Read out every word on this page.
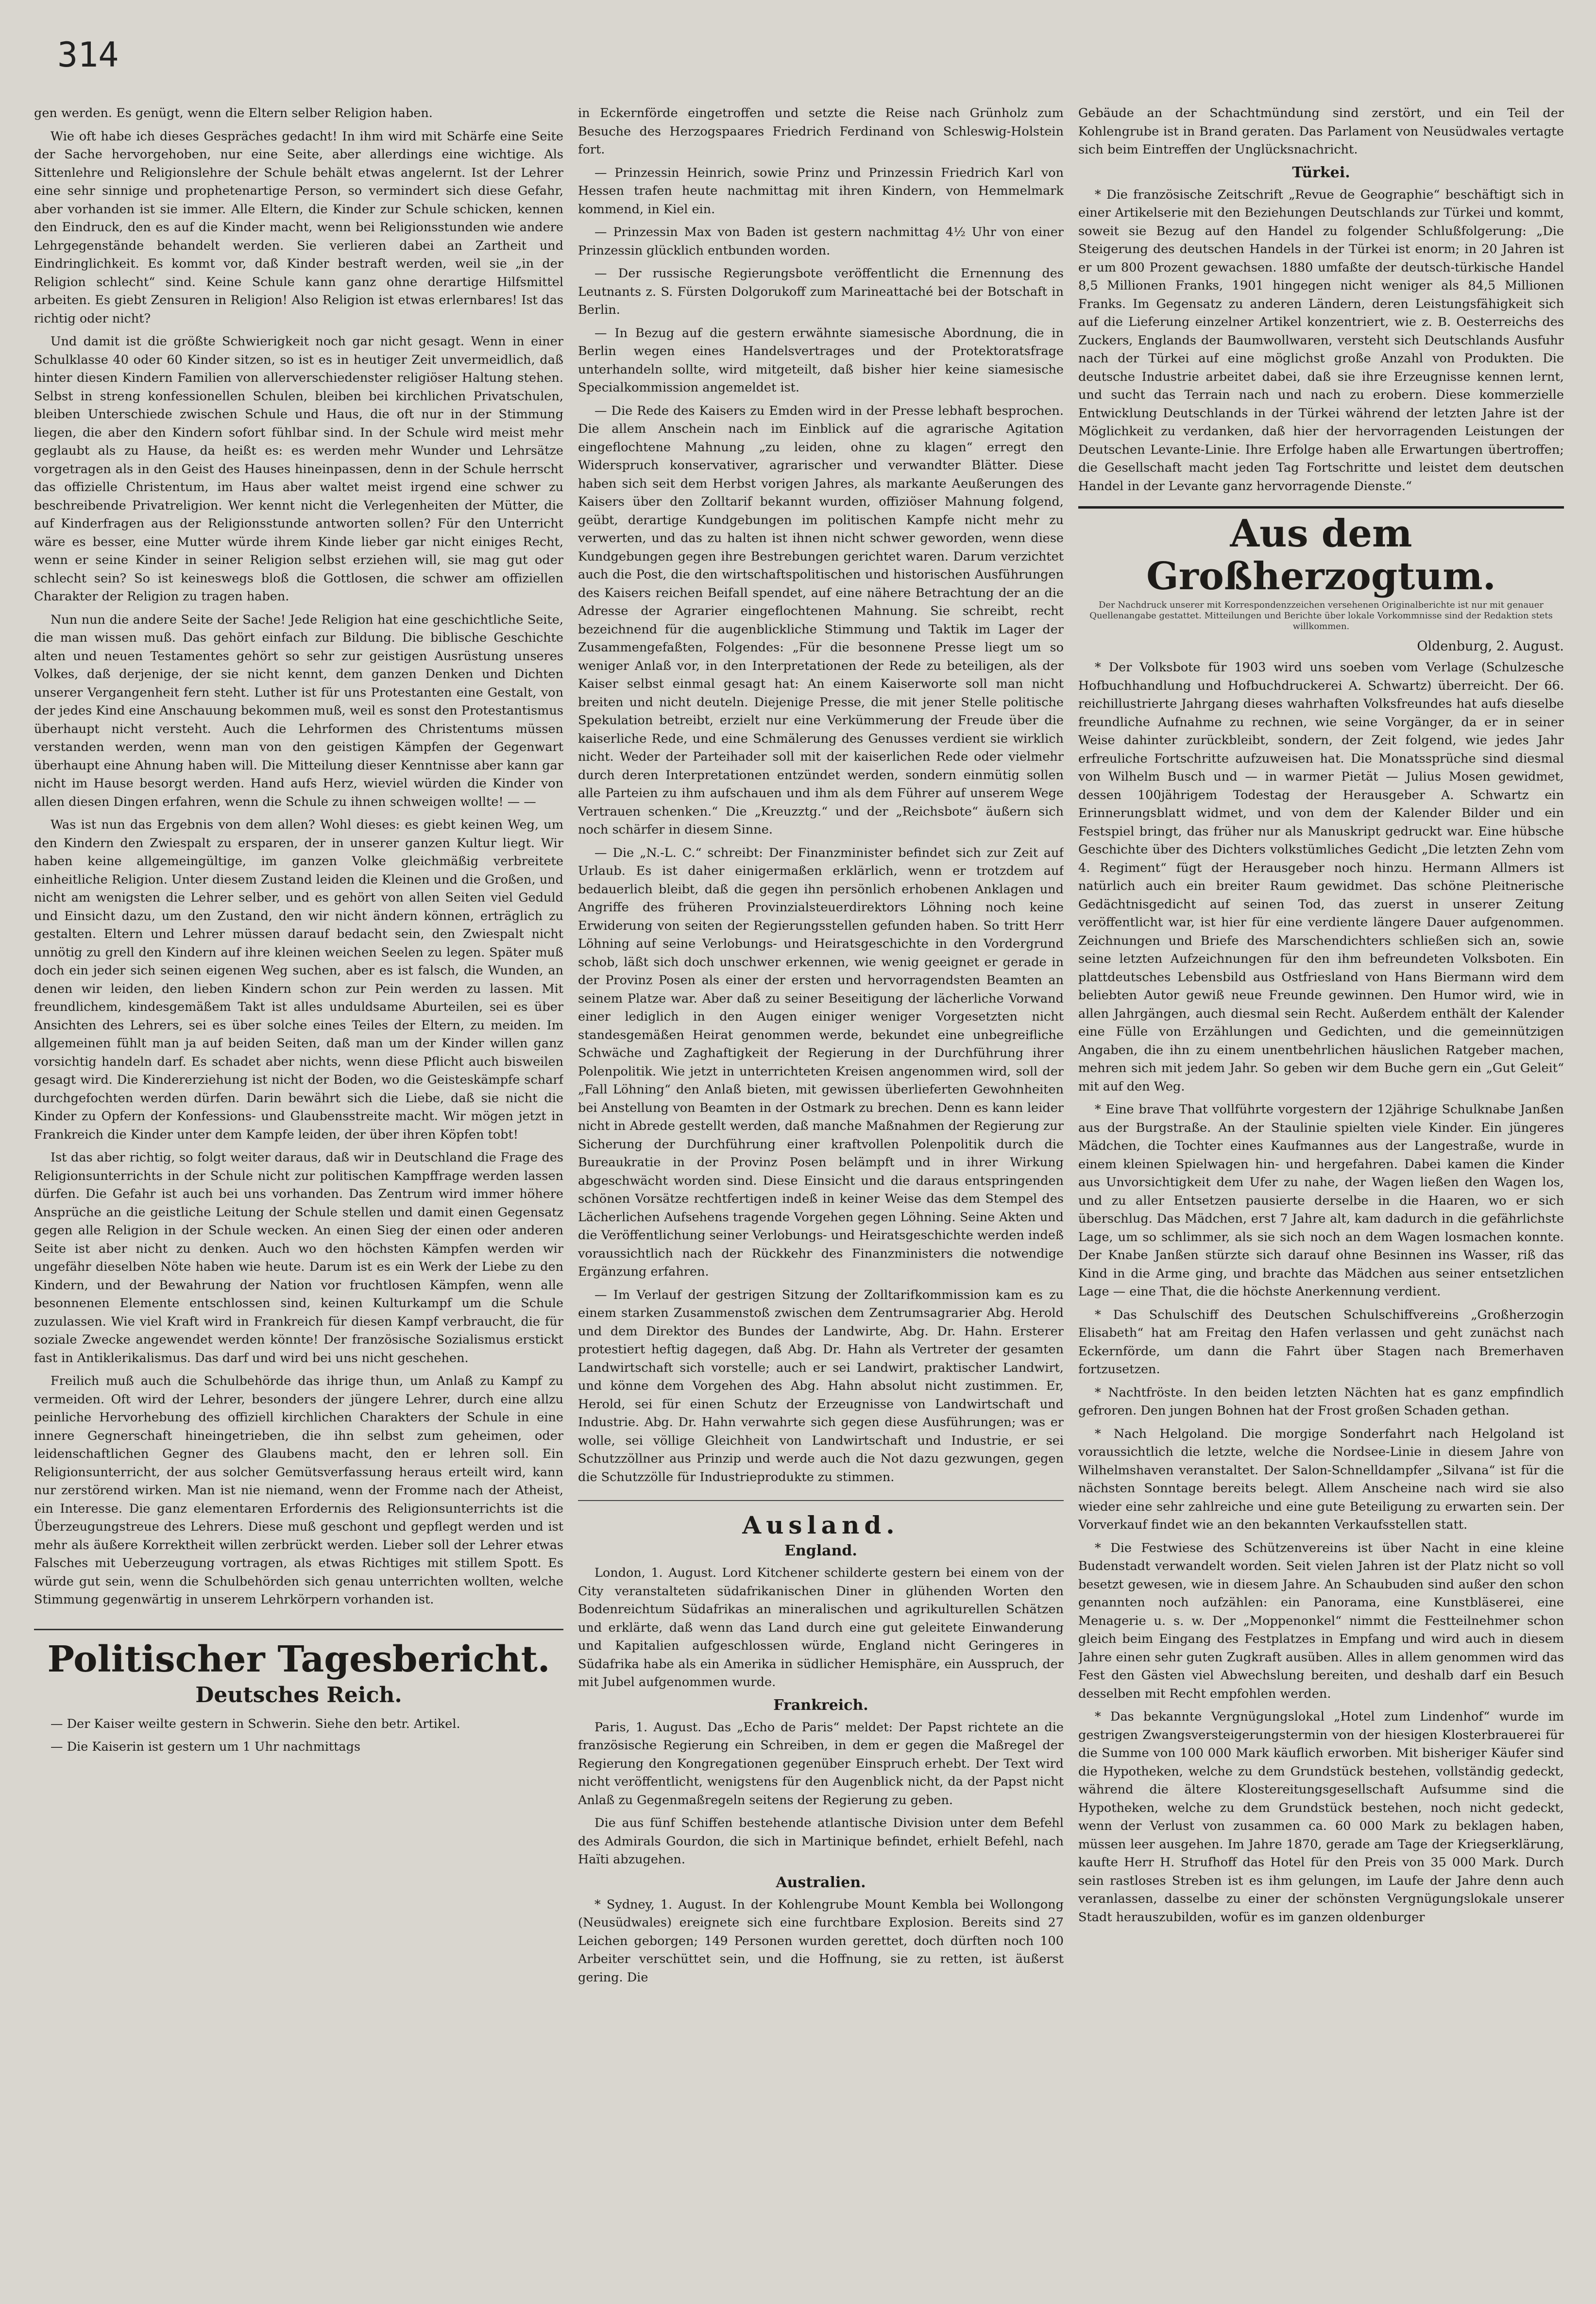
314

gen werden. Es genügt, wenn die Eltern selber Religion haben.

Wie oft habe ich dieses Gespräches gedacht! In ihm wird mit Schärfe eine Seite der Sache hervorgehoben, nur eine Seite, aber allerdings eine wichtige. Als Sittenlehre und Religionslehre der Schule behält etwas angelernt. Ist der Lehrer eine sehr sinnige und prophetenartige Person, so vermindert sich diese Gefahr, aber vorhanden ist sie immer. Alle Eltern, die Kinder zur Schule schicken, kennen den Eindruck, den es auf die Kinder macht, wenn bei Religionsstunden wie andere Lehrgegenstände behandelt werden. Sie verlieren dabei an Zartheit und Eindringlichkeit. Es kommt vor, daß Kinder bestraft werden, weil sie „in der Religion schlecht“ sind. Keine Schule kann ganz ohne derartige Hilfsmittel arbeiten. Es giebt Zensuren in Religion! Also Religion ist etwas erlernbares! Ist das richtig oder nicht?

Und damit ist die größte Schwierigkeit noch gar nicht gesagt. Wenn in einer Schulklasse 40 oder 60 Kinder sitzen, so ist es in heutiger Zeit unvermeidlich, daß hinter diesen Kindern Familien von allerverschiedenster religiöser Haltung stehen. Selbst in streng konfessionellen Schulen, bleiben bei kirchlichen Privatschulen, bleiben Unterschiede zwischen Schule und Haus, die oft nur in der Stimmung liegen, die aber den Kindern sofort fühlbar sind. In der Schule wird meist mehr geglaubt als zu Hause, da heißt es: es werden mehr Wunder und Lehrsätze vorgetragen als in den Geist des Hauses hineinpassen, denn in der Schule herrscht das offizielle Christentum, im Haus aber waltet meist irgend eine schwer zu beschreibende Privatreligion. Wer kennt nicht die Verlegenheiten der Mütter, die auf Kinderfragen aus der Religionsstunde antworten sollen? Für den Unterricht wäre es besser, eine Mutter würde ihrem Kinde lieber gar nicht einiges Recht, wenn er seine Kinder in seiner Religion selbst erziehen will, sie mag gut oder schlecht sein? So ist keineswegs bloß die Gottlosen, die schwer am offiziellen Charakter der Religion zu tragen haben.

Nun nun die andere Seite der Sache! Jede Religion hat eine geschichtliche Seite, die man wissen muß. Das gehört einfach zur Bildung. Die biblische Geschichte alten und neuen Testamentes gehört so sehr zur geistigen Ausrüstung unseres Volkes, daß derjenige, der sie nicht kennt, dem ganzen Denken und Dichten unserer Vergangenheit fern steht. Luther ist für uns Protestanten eine Gestalt, von der jedes Kind eine Anschauung bekommen muß, weil es sonst den Protestantismus überhaupt nicht versteht. Auch die Lehrformen des Christentums müssen verstanden werden, wenn man von den geistigen Kämpfen der Gegenwart überhaupt eine Ahnung haben will. Die Mitteilung dieser Kenntnisse aber kann gar nicht im Hause besorgt werden. Hand aufs Herz, wieviel würden die Kinder von allen diesen Dingen erfahren, wenn die Schule zu ihnen schweigen wollte! — —

Was ist nun das Ergebnis von dem allen? Wohl dieses: es giebt keinen Weg, um den Kindern den Zwiespalt zu ersparen, der in unserer ganzen Kultur liegt. Wir haben keine allgemeingültige, im ganzen Volke gleichmäßig verbreitete einheitliche Religion. Unter diesem Zustand leiden die Kleinen und die Großen, und nicht am wenigsten die Lehrer selber, und es gehört von allen Seiten viel Geduld und Einsicht dazu, um den Zustand, den wir nicht ändern können, erträglich zu gestalten. Eltern und Lehrer müssen darauf bedacht sein, den Zwiespalt nicht unnötig zu grell den Kindern auf ihre kleinen weichen Seelen zu legen. Später muß doch ein jeder sich seinen eigenen Weg suchen, aber es ist falsch, die Wunden, an denen wir leiden, den lieben Kindern schon zur Pein werden zu lassen. Mit freundlichem, kindesgemäßem Takt ist alles unduldsame Aburteilen, sei es über Ansichten des Lehrers, sei es über solche eines Teiles der Eltern, zu meiden. Im allgemeinen fühlt man ja auf beiden Seiten, daß man um der Kinder willen ganz vorsichtig handeln darf. Es schadet aber nichts, wenn diese Pflicht auch bisweilen gesagt wird. Die Kindererziehung ist nicht der Boden, wo die Geisteskämpfe scharf durchgefochten werden dürfen. Darin bewährt sich die Liebe, daß sie nicht die Kinder zu Opfern der Konfessions- und Glaubensstreite macht. Wir mögen jetzt in Frankreich die Kinder unter dem Kampfe leiden, der über ihren Köpfen tobt!

Ist das aber richtig, so folgt weiter daraus, daß wir in Deutschland die Frage des Religionsunterrichts in der Schule nicht zur politischen Kampffrage werden lassen dürfen. Die Gefahr ist auch bei uns vorhanden. Das Zentrum wird immer höhere Ansprüche an die geistliche Leitung der Schule stellen und damit einen Gegensatz gegen alle Religion in der Schule wecken. An einen Sieg der einen oder anderen Seite ist aber nicht zu denken. Auch wo den höchsten Kämpfen werden wir ungefähr dieselben Nöte haben wie heute. Darum ist es ein Werk der Liebe zu den Kindern, und der Bewahrung der Nation vor fruchtlosen Kämpfen, wenn alle besonnenen Elemente entschlossen sind, keinen Kulturkampf um die Schule zuzulassen. Wie viel Kraft wird in Frankreich für diesen Kampf verbraucht, die für soziale Zwecke angewendet werden könnte! Der französische Sozialismus erstickt fast in Antiklerikalismus. Das darf und wird bei uns nicht geschehen.

Freilich muß auch die Schulbehörde das ihrige thun, um Anlaß zu Kampf zu vermeiden. Oft wird der Lehrer, besonders der jüngere Lehrer, durch eine allzu peinliche Hervorhebung des offiziell kirchlichen Charakters der Schule in eine innere Gegnerschaft hineingetrieben, die ihn selbst zum geheimen, oder leidenschaftlichen Gegner des Glaubens macht, den er lehren soll. Ein Religionsunterricht, der aus solcher Gemütsverfassung heraus erteilt wird, kann nur zerstörend wirken. Man ist nie niemand, wenn der Fromme nach der Atheist, ein Interesse. Die ganz elementaren Erfordernis des Religionsunterrichts ist die Überzeugungstreue des Lehrers. Diese muß geschont und gepflegt werden und ist mehr als äußere Korrektheit willen zerbrückt werden. Lieber soll der Lehrer etwas Falsches mit Ueberzeugung vortragen, als etwas Richtiges mit stillem Spott. Es würde gut sein, wenn die Schulbehörden sich genau unterrichten wollten, welche Stimmung gegenwärtig in unserem Lehrkörpern vorhanden ist.

Politischer Tagesbericht.
Deutsches Reich.

— Der Kaiser weilte gestern in Schwerin. Siehe den betr. Artikel.

— Die Kaiserin ist gestern um 1 Uhr nachmittags

in Eckernförde eingetroffen und setzte die Reise nach Grünholz zum Besuche des Herzogspaares Friedrich Ferdinand von Schleswig-Holstein fort.

— Prinzessin Heinrich, sowie Prinz und Prinzessin Friedrich Karl von Hessen trafen heute nachmittag mit ihren Kindern, von Hemmelmark kommend, in Kiel ein.

— Prinzessin Max von Baden ist gestern nachmittag 4½ Uhr von einer Prinzessin glücklich entbunden worden.

— Der russische Regierungsbote veröffentlicht die Ernennung des Leutnants z. S. Fürsten Dolgorukoff zum Marineattaché bei der Botschaft in Berlin.

— In Bezug auf die gestern erwähnte siamesische Abordnung, die in Berlin wegen eines Handelsvertrages und der Protektoratsfrage unterhandeln sollte, wird mitgeteilt, daß bisher hier keine siamesische Specialkommission angemeldet ist.

— Die Rede des Kaisers zu Emden wird in der Presse lebhaft besprochen. Die allem Anschein nach im Einblick auf die agrarische Agitation eingeflochtene Mahnung „zu leiden, ohne zu klagen“ erregt den Widerspruch konservativer, agrarischer und verwandter Blätter. Diese haben sich seit dem Herbst vorigen Jahres, als markante Aeußerungen des Kaisers über den Zolltarif bekannt wurden, offiziöser Mahnung folgend, geübt, derartige Kundgebungen im politischen Kampfe nicht mehr zu verwerten, und das zu halten ist ihnen nicht schwer geworden, wenn diese Kundgebungen gegen ihre Bestrebungen gerichtet waren. Darum verzichtet auch die Post, die den wirtschaftspolitischen und historischen Ausführungen des Kaisers reichen Beifall spendet, auf eine nähere Betrachtung der an die Adresse der Agrarier eingeflochtenen Mahnung. Sie schreibt, recht bezeichnend für die augenblickliche Stimmung und Taktik im Lager der Zusammengefaßten, Folgendes: „Für die besonnene Presse liegt um so weniger Anlaß vor, in den Interpretationen der Rede zu beteiligen, als der Kaiser selbst einmal gesagt hat: An einem Kaiserworte soll man nicht breiten und nicht deuteln. Diejenige Presse, die mit jener Stelle politische Spekulation betreibt, erzielt nur eine Verkümmerung der Freude über die kaiserliche Rede, und eine Schmälerung des Genusses verdient sie wirklich nicht. Weder der Parteihader soll mit der kaiserlichen Rede oder vielmehr durch deren Interpretationen entzündet werden, sondern einmütig sollen alle Parteien zu ihm aufschauen und ihm als dem Führer auf unserem Wege Vertrauen schenken.“ Die „Kreuzztg.“ und der „Reichsbote“ äußern sich noch schärfer in diesem Sinne.

— Die „N.-L. C.“ schreibt: Der Finanzminister befindet sich zur Zeit auf Urlaub. Es ist daher einigermaßen erklärlich, wenn er trotzdem auf bedauerlich bleibt, daß die gegen ihn persönlich erhobenen Anklagen und Angriffe des früheren Provinzialsteuerdirektors Löhning noch keine Erwiderung von seiten der Regierungsstellen gefunden haben. So tritt Herr Löhning auf seine Verlobungs- und Heiratsgeschichte in den Vordergrund schob, läßt sich doch unschwer erkennen, wie wenig geeignet er gerade in der Provinz Posen als einer der ersten und hervorragendsten Beamten an seinem Platze war. Aber daß zu seiner Beseitigung der lächerliche Vorwand einer lediglich in den Augen einiger weniger Vorgesetzten nicht standesgemäßen Heirat genommen werde, bekundet eine unbegreifliche Schwäche und Zaghaftigkeit der Regierung in der Durchführung ihrer Polenpolitik. Wie jetzt in unterrichteten Kreisen angenommen wird, soll der „Fall Löhning“ den Anlaß bieten, mit gewissen überlieferten Gewohnheiten bei Anstellung von Beamten in der Ostmark zu brechen. Denn es kann leider nicht in Abrede gestellt werden, daß manche Maßnahmen der Regierung zur Sicherung der Durchführung einer kraftvollen Polenpolitik durch die Bureaukratie in der Provinz Posen belämpft und in ihrer Wirkung abgeschwächt worden sind. Diese Einsicht und die daraus entspringenden schönen Vorsätze rechtfertigen indeß in keiner Weise das dem Stempel des Lächerlichen Aufsehens tragende Vorgehen gegen Löhning. Seine Akten und die Veröffentlichung seiner Verlobungs- und Heiratsgeschichte werden indeß voraussichtlich nach der Rückkehr des Finanzministers die notwendige Ergänzung erfahren.

— Im Verlauf der gestrigen Sitzung der Zolltarifkommission kam es zu einem starken Zusammenstoß zwischen dem Zentrumsagrarier Abg. Herold und dem Direktor des Bundes der Landwirte, Abg. Dr. Hahn. Ersterer protestiert heftig dagegen, daß Abg. Dr. Hahn als Vertreter der gesamten Landwirtschaft sich vorstelle; auch er sei Landwirt, praktischer Landwirt, und könne dem Vorgehen des Abg. Hahn absolut nicht zustimmen. Er, Herold, sei für einen Schutz der Erzeugnisse von Landwirtschaft und Industrie. Abg. Dr. Hahn verwahrte sich gegen diese Ausführungen; was er wolle, sei völlige Gleichheit von Landwirtschaft und Industrie, er sei Schutzzöllner aus Prinzip und werde auch die Not dazu gezwungen, gegen die Schutzzölle für Industrieprodukte zu stimmen.

Ausland.
England.

London, 1. August. Lord Kitchener schilderte gestern bei einem von der City veranstalteten südafrikanischen Diner in glühenden Worten den Bodenreichtum Südafrikas an mineralischen und agrikulturellen Schätzen und erklärte, daß wenn das Land durch eine gut geleitete Einwanderung und Kapitalien aufgeschlossen würde, England nicht Geringeres in Südafrika habe als ein Amerika in südlicher Hemisphäre, ein Ausspruch, der mit Jubel aufgenommen wurde.

Frankreich.

Paris, 1. August. Das „Echo de Paris“ meldet: Der Papst richtete an die französische Regierung ein Schreiben, in dem er gegen die Maßregel der Regierung den Kongregationen gegenüber Einspruch erhebt. Der Text wird nicht veröffentlicht, wenigstens für den Augenblick nicht, da der Papst nicht Anlaß zu Gegenmaßregeln seitens der Regierung zu geben.

Die aus fünf Schiffen bestehende atlantische Division unter dem Befehl des Admirals Gourdon, die sich in Martinique befindet, erhielt Befehl, nach Haïti abzugehen.

Australien.

* Sydney, 1. August. In der Kohlengrube Mount Kembla bei Wollongong (Neusüdwales) ereignete sich eine furchtbare Explosion. Bereits sind 27 Leichen geborgen; 149 Personen wurden gerettet, doch dürften noch 100 Arbeiter verschüttet sein, und die Hoffnung, sie zu retten, ist äußerst gering. Die

Gebäude an der Schachtmündung sind zerstört, und ein Teil der Kohlengrube ist in Brand geraten. Das Parlament von Neusüdwales vertagte sich beim Eintreffen der Unglücksnachricht.

Türkei.

* Die französische Zeitschrift „Revue de Geographie“ beschäftigt sich in einer Artikelserie mit den Beziehungen Deutschlands zur Türkei und kommt, soweit sie Bezug auf den Handel zu folgender Schlußfolgerung: „Die Steigerung des deutschen Handels in der Türkei ist enorm; in 20 Jahren ist er um 800 Prozent gewachsen. 1880 umfaßte der deutsch-türkische Handel 8,5 Millionen Franks, 1901 hingegen nicht weniger als 84,5 Millionen Franks. Im Gegensatz zu anderen Ländern, deren Leistungsfähigkeit sich auf die Lieferung einzelner Artikel konzentriert, wie z. B. Oesterreichs des Zuckers, Englands der Baumwollwaren, versteht sich Deutschlands Ausfuhr nach der Türkei auf eine möglichst große Anzahl von Produkten. Die deutsche Industrie arbeitet dabei, daß sie ihre Erzeugnisse kennen lernt, und sucht das Terrain nach und nach zu erobern. Diese kommerzielle Entwicklung Deutschlands in der Türkei während der letzten Jahre ist der Möglichkeit zu verdanken, daß hier der hervorragenden Leistungen der Deutschen Levante-Linie. Ihre Erfolge haben alle Erwartungen übertroffen; die Gesellschaft macht jeden Tag Fortschritte und leistet dem deutschen Handel in der Levante ganz hervorragende Dienste.“

Aus dem Großherzogtum.
Der Nachdruck unserer mit Korrespondenzzeichen versehenen Originalberichte ist nur mit genauer Quellenangabe gestattet. Mitteilungen und Berichte über lokale Vorkommnisse sind der Redaktion stets willkommen.
Oldenburg, 2. August.

* Der Volksbote für 1903 wird uns soeben vom Verlage (Schulzesche Hofbuchhandlung und Hofbuchdruckerei A. Schwartz) überreicht. Der 66. reichillustrierte Jahrgang dieses wahrhaften Volksfreundes hat aufs dieselbe freundliche Aufnahme zu rechnen, wie seine Vorgänger, da er in seiner Weise dahinter zurückbleibt, sondern, der Zeit folgend, wie jedes Jahr erfreuliche Fortschritte aufzuweisen hat. Die Monatssprüche sind diesmal von Wilhelm Busch und — in warmer Pietät — Julius Mosen gewidmet, dessen 100jährigem Todestag der Herausgeber A. Schwartz ein Erinnerungsblatt widmet, und von dem der Kalender Bilder und ein Festspiel bringt, das früher nur als Manuskript gedruckt war. Eine hübsche Geschichte über des Dichters volkstümliches Gedicht „Die letzten Zehn vom 4. Regiment“ fügt der Herausgeber noch hinzu. Hermann Allmers ist natürlich auch ein breiter Raum gewidmet. Das schöne Pleitnerische Gedächtnisgedicht auf seinen Tod, das zuerst in unserer Zeitung veröffentlicht war, ist hier für eine verdiente längere Dauer aufgenommen. Zeichnungen und Briefe des Marschendichters schließen sich an, sowie seine letzten Aufzeichnungen für den ihm befreundeten Volksboten. Ein plattdeutsches Lebensbild aus Ostfriesland von Hans Biermann wird dem beliebten Autor gewiß neue Freunde gewinnen. Den Humor wird, wie in allen Jahrgängen, auch diesmal sein Recht. Außerdem enthält der Kalender eine Fülle von Erzählungen und Gedichten, und die gemeinnützigen Angaben, die ihn zu einem unentbehrlichen häuslichen Ratgeber machen, mehren sich mit jedem Jahr. So geben wir dem Buche gern ein „Gut Geleit“ mit auf den Weg.

* Eine brave That vollführte vorgestern der 12jährige Schulknabe Janßen aus der Burgstraße. An der Staulinie spielten viele Kinder. Ein jüngeres Mädchen, die Tochter eines Kaufmannes aus der Langestraße, wurde in einem kleinen Spielwagen hin- und hergefahren. Dabei kamen die Kinder aus Unvorsichtigkeit dem Ufer zu nahe, der Wagen ließen den Wagen los, und zu aller Entsetzen pausierte derselbe in die Haaren, wo er sich überschlug. Das Mädchen, erst 7 Jahre alt, kam dadurch in die gefährlichste Lage, um so schlimmer, als sie sich noch an dem Wagen losmachen konnte. Der Knabe Janßen stürzte sich darauf ohne Besinnen ins Wasser, riß das Kind in die Arme ging, und brachte das Mädchen aus seiner entsetzlichen Lage — eine That, die die höchste Anerkennung verdient.

* Das Schulschiff des Deutschen Schulschiffvereins „Großherzogin Elisabeth“ hat am Freitag den Hafen verlassen und geht zunächst nach Eckernförde, um dann die Fahrt über Stagen nach Bremerhaven fortzusetzen.

* Nachtfröste. In den beiden letzten Nächten hat es ganz empfindlich gefroren. Den jungen Bohnen hat der Frost großen Schaden gethan.

* Nach Helgoland. Die morgige Sonderfahrt nach Helgoland ist voraussichtlich die letzte, welche die Nordsee-Linie in diesem Jahre von Wilhelmshaven veranstaltet. Der Salon-Schnelldampfer „Silvana“ ist für die nächsten Sonntage bereits belegt. Allem Anscheine nach wird sie also wieder eine sehr zahlreiche und eine gute Beteiligung zu erwarten sein. Der Vorverkauf findet wie an den bekannten Verkaufsstellen statt.

* Die Festwiese des Schützenvereins ist über Nacht in eine kleine Budenstadt verwandelt worden. Seit vielen Jahren ist der Platz nicht so voll besetzt gewesen, wie in diesem Jahre. An Schaubuden sind außer den schon genannten noch aufzählen: ein Panorama, eine Kunstbläserei, eine Menagerie u. s. w. Der „Moppenonkel“ nimmt die Festteilnehmer schon gleich beim Eingang des Festplatzes in Empfang und wird auch in diesem Jahre einen sehr guten Zugkraft ausüben. Alles in allem genommen wird das Fest den Gästen viel Abwechslung bereiten, und deshalb darf ein Besuch desselben mit Recht empfohlen werden.

* Das bekannte Vergnügungslokal „Hotel zum Lindenhof“ wurde im gestrigen Zwangsversteigerungstermin von der hiesigen Klosterbrauerei für die Summe von 100 000 Mark käuflich erworben. Mit bisheriger Käufer sind die Hypotheken, welche zu dem Grundstück bestehen, vollständig gedeckt, während die ältere Klostereitungsgesellschaft Aufsumme sind die Hypotheken, welche zu dem Grundstück bestehen, noch nicht gedeckt, wenn der Verlust von zusammen ca. 60 000 Mark zu beklagen haben, müssen leer ausgehen. Im Jahre 1870, gerade am Tage der Kriegserklärung, kaufte Herr H. Strufhoff das Hotel für den Preis von 35 000 Mark. Durch sein rastloses Streben ist es ihm gelungen, im Laufe der Jahre denn auch veranlassen, dasselbe zu einer der schönsten Vergnügungslokale unserer Stadt herauszubilden, wofür es im ganzen oldenburger
